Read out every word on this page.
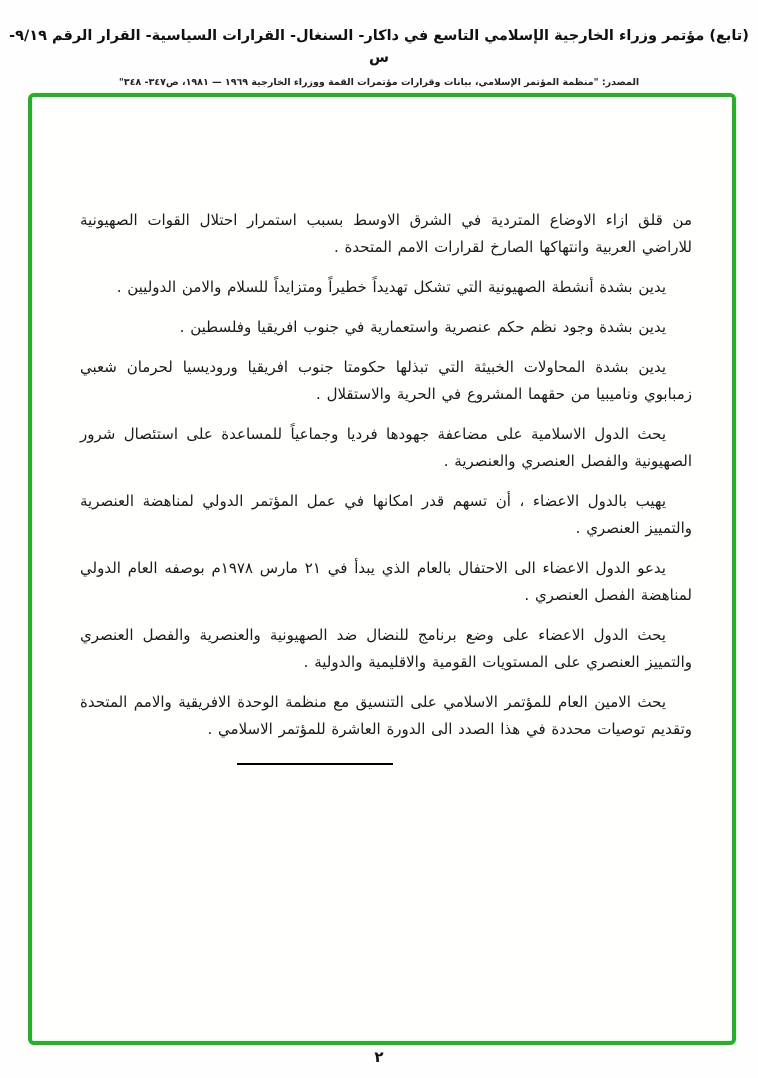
(تابع) مؤتمر وزراء الخارجية الإسلامي التاسع في داكار- السنغال- القرارات السياسية- القرار الرقم ٩/١٩- س
المصدر: "منظمة المؤتمر الإسلامي، بيانات وقرارات مؤتمرات القمة ووزراء الخارجية ١٩٦٩ — ١٩٨١، ص٣٤٧- ٣٤٨"

من قلق ازاء الاوضاع المتردية في الشرق الاوسط بسبب استمرار احتلال القوات الصهيونية للاراضي العربية وانتهاكها الصارخ لقرارات الامم المتحدة .

يدين بشدة أنشطة الصهيونية التي تشكل تهديداً خطيراً ومتزايداً للسلام والامن الدوليين .

يدين بشدة وجود نظم حكم عنصرية واستعمارية في جنوب افريقيا وفلسطين .

يدين بشدة المحاولات الخبيثة التي تبذلها حكومتا جنوب افريقيا وروديسيا لحرمان شعبي زمبابوي وناميبيا من حقهما المشروع في الحرية والاستقلال .

يحث الدول الاسلامية على مضاعفة جهودها فرديا وجماعياً للمساعدة على استئصال شرور الصهيونية والفصل العنصري والعنصرية .

يهيب بالدول الاعضاء ، أن تسهم قدر امكانها في عمل المؤتمر الدولي لمناهضة العنصرية والتمييز العنصري .

يدعو الدول الاعضاء الى الاحتفال بالعام الذي يبدأ في ٢١ مارس ١٩٧٨م بوصفه العام الدولي لمناهضة الفصل العنصري .

يحث الدول الاعضاء على وضع برنامج للنضال ضد الصهيونية والعنصرية والفصل العنصري والتمييز العنصري على المستويات القومية والاقليمية والدولية .

يحث الامين العام للمؤتمر الاسلامي على التنسيق مع منظمة الوحدة الافريقية والامم المتحدة وتقديم توصيات محددة في هذا الصدد الى الدورة العاشرة للمؤتمر الاسلامي .

٢
